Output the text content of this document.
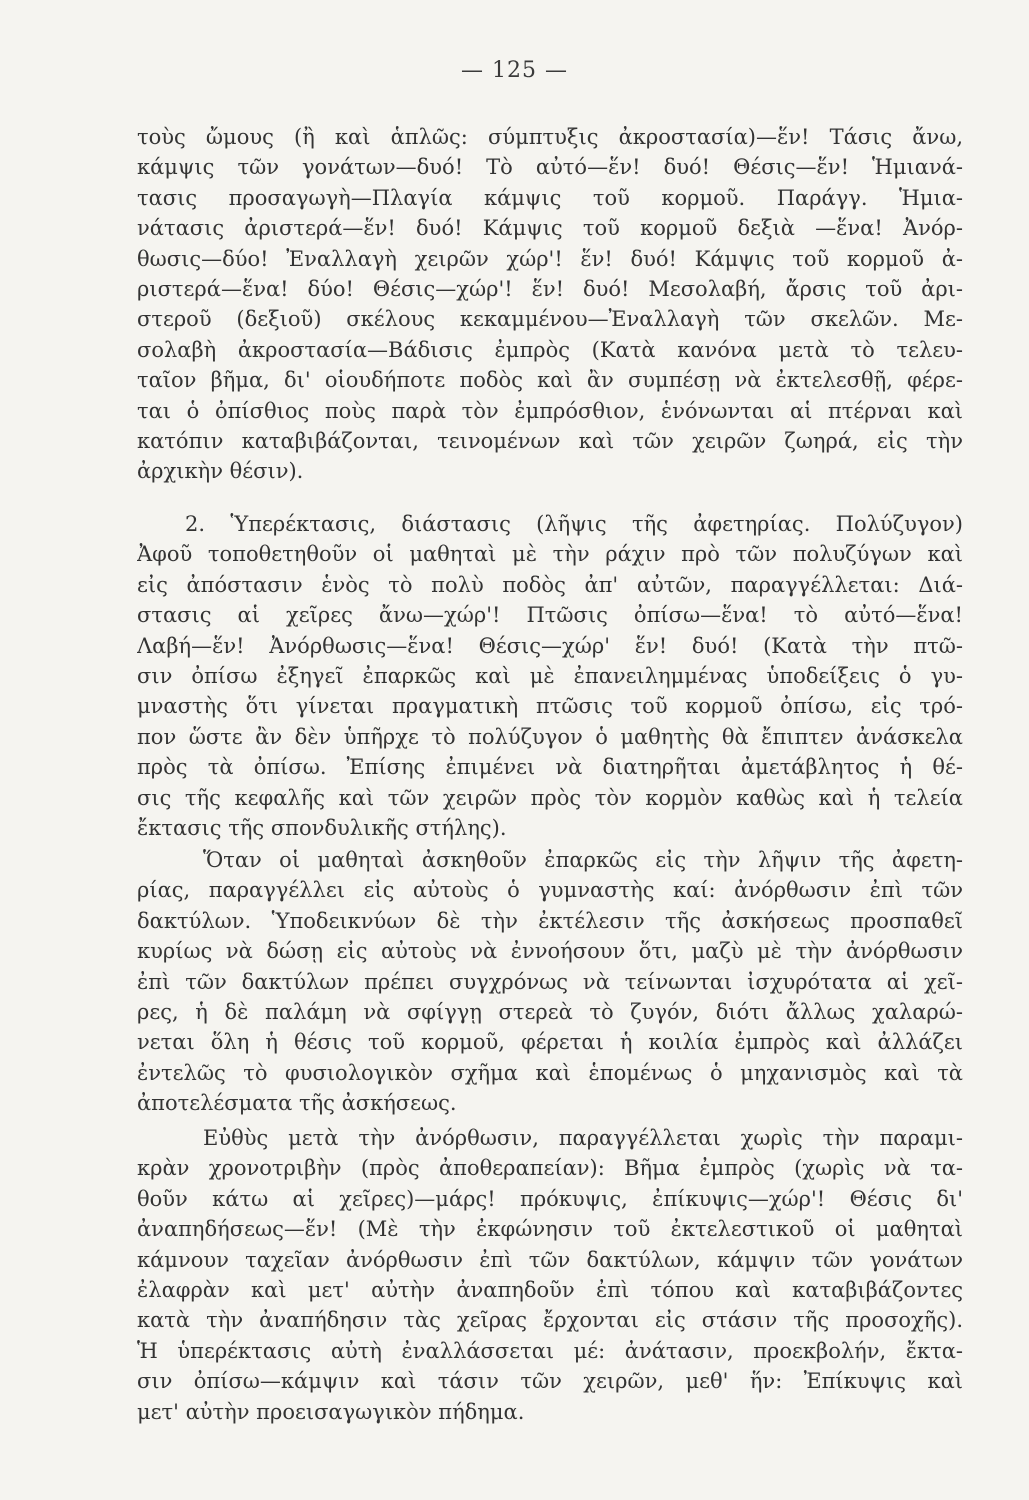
— 125 —
τοὺς ὤμους (ἢ καὶ ἁπλῶς: σύμπτυξις ἀκροστασία)—ἕν! Τάσις ἄνω,
κάμψις τῶν γονάτων—δυό! Τὸ αὐτό—ἕν! δυό! Θέσις—ἕν! Ἡμιανά-
τασις προσαγωγὴ—Πλαγία κάμψις τοῦ κορμοῦ. Παράγγ. Ἡμια-
νάτασις ἀριστερά—ἕν! δυό! Κάμψις τοῦ κορμοῦ δεξιὰ —ἕνα! Ἀνόρ-
θωσις—δύο! Ἐναλλαγὴ χειρῶν χώρ'! ἕν! δυό! Κάμψις τοῦ κορμοῦ ἀ-
ριστερά—ἕνα! δύο! Θέσις—χώρ'! ἕν! δυό! Μεσολαβή, ἄρσις τοῦ ἀρι-
στεροῦ (δεξιοῦ) σκέλους κεκαμμένου—Ἐναλλαγὴ τῶν σκελῶν. Με-
σολαβὴ ἀκροστασία—Βάδισις ἐμπρὸς (Κατὰ κανόνα μετὰ τὸ τελευ-
ταῖον βῆμα, δι' οἱουδήποτε ποδὸς καὶ ἂν συμπέσῃ νὰ ἐκτελεσθῇ, φέρε-
ται ὁ ὀπίσθιος ποὺς παρὰ τὸν ἐμπρόσθιον, ἑνόνωνται αἱ πτέρναι καὶ
κατόπιν καταβιβάζονται, τεινομένων καὶ τῶν χειρῶν ζωηρά, εἰς τὴν
ἀρχικὴν θέσιν).
2. Ὑπερέκτασις, διάστασις (λῆψις τῆς ἀφετηρίας. Πολύζυγον)
Ἀφοῦ τοποθετηθοῦν οἱ μαθηταὶ μὲ τὴν ράχιν πρὸ τῶν πολυζύγων καὶ
εἰς ἀπόστασιν ἑνὸς τὸ πολὺ ποδὸς ἀπ' αὐτῶν, παραγγέλλεται: Διά-
στασις αἱ χεῖρες ἄνω—χώρ'! Πτῶσις ὀπίσω—ἕνα! τὸ αὐτό—ἕνα!
Λαβή—ἕν! Ἀνόρθωσις—ἕνα! Θέσις—χώρ' ἕν! δυό! (Κατὰ τὴν πτῶ-
σιν ὀπίσω ἐξηγεῖ ἐπαρκῶς καὶ μὲ ἐπανειλημμένας ὑποδείξεις ὁ γυ-
μναστὴς ὅτι γίνεται πραγματικὴ πτῶσις τοῦ κορμοῦ ὀπίσω, εἰς τρό-
πον ὥστε ἂν δὲν ὑπῆρχε τὸ πολύζυγον ὁ μαθητὴς θὰ ἔπιπτεν ἀνάσκελα
πρὸς τὰ ὀπίσω. Ἐπίσης ἐπιμένει νὰ διατηρῆται ἀμετάβλητος ἡ θέ-
σις τῆς κεφαλῆς καὶ τῶν χειρῶν πρὸς τὸν κορμὸν καθὼς καὶ ἡ τελεία
ἔκτασις τῆς σπονδυλικῆς στήλης).
Ὅταν οἱ μαθηταὶ ἀσκηθοῦν ἐπαρκῶς εἰς τὴν λῆψιν τῆς ἀφετη-
ρίας, παραγγέλλει εἰς αὐτοὺς ὁ γυμναστὴς καί: ἀνόρθωσιν ἐπὶ τῶν
δακτύλων. Ὑποδεικνύων δὲ τὴν ἐκτέλεσιν τῆς ἀσκήσεως προσπαθεῖ
κυρίως νὰ δώσῃ εἰς αὐτοὺς νὰ ἐννοήσουν ὅτι, μαζὺ μὲ τὴν ἀνόρθωσιν
ἐπὶ τῶν δακτύλων πρέπει συγχρόνως νὰ τείνωνται ἰσχυρότατα αἱ χεῖ-
ρες, ἡ δὲ παλάμη νὰ σφίγγῃ στερεὰ τὸ ζυγόν, διότι ἄλλως χαλαρώ-
νεται ὅλη ἡ θέσις τοῦ κορμοῦ, φέρεται ἡ κοιλία ἐμπρὸς καὶ ἀλλάζει
ἐντελῶς τὸ φυσιολογικὸν σχῆμα καὶ ἑπομένως ὁ μηχανισμὸς καὶ τὰ
ἀποτελέσματα τῆς ἀσκήσεως.
Εὐθὺς μετὰ τὴν ἀνόρθωσιν, παραγγέλλεται χωρὶς τὴν παραμι-
κρὰν χρονοτριβὴν (πρὸς ἀποθεραπείαν): Βῆμα ἐμπρὸς (χωρὶς νὰ τα-
θοῦν κάτω αἱ χεῖρες)—μάρς! πρόκυψις, ἐπίκυψις—χώρ'! Θέσις δι'
ἀναπηδήσεως—ἕν! (Μὲ τὴν ἐκφώνησιν τοῦ ἐκτελεστικοῦ οἱ μαθηταὶ
κάμνουν ταχεῖαν ἀνόρθωσιν ἐπὶ τῶν δακτύλων, κάμψιν τῶν γονάτων
ἐλαφρὰν καὶ μετ' αὐτὴν ἀναπηδοῦν ἐπὶ τόπου καὶ καταβιβάζοντες
κατὰ τὴν ἀναπήδησιν τὰς χεῖρας ἔρχονται εἰς στάσιν τῆς προσοχῆς).
Ἡ ὑπερέκτασις αὐτὴ ἐναλλάσσεται μέ: ἀνάτασιν, προεκβολήν, ἔκτα-
σιν ὀπίσω—κάμψιν καὶ τάσιν τῶν χειρῶν, μεθ' ἥν: Ἐπίκυψις καὶ
μετ' αὐτὴν προεισαγωγικὸν πήδημα.
